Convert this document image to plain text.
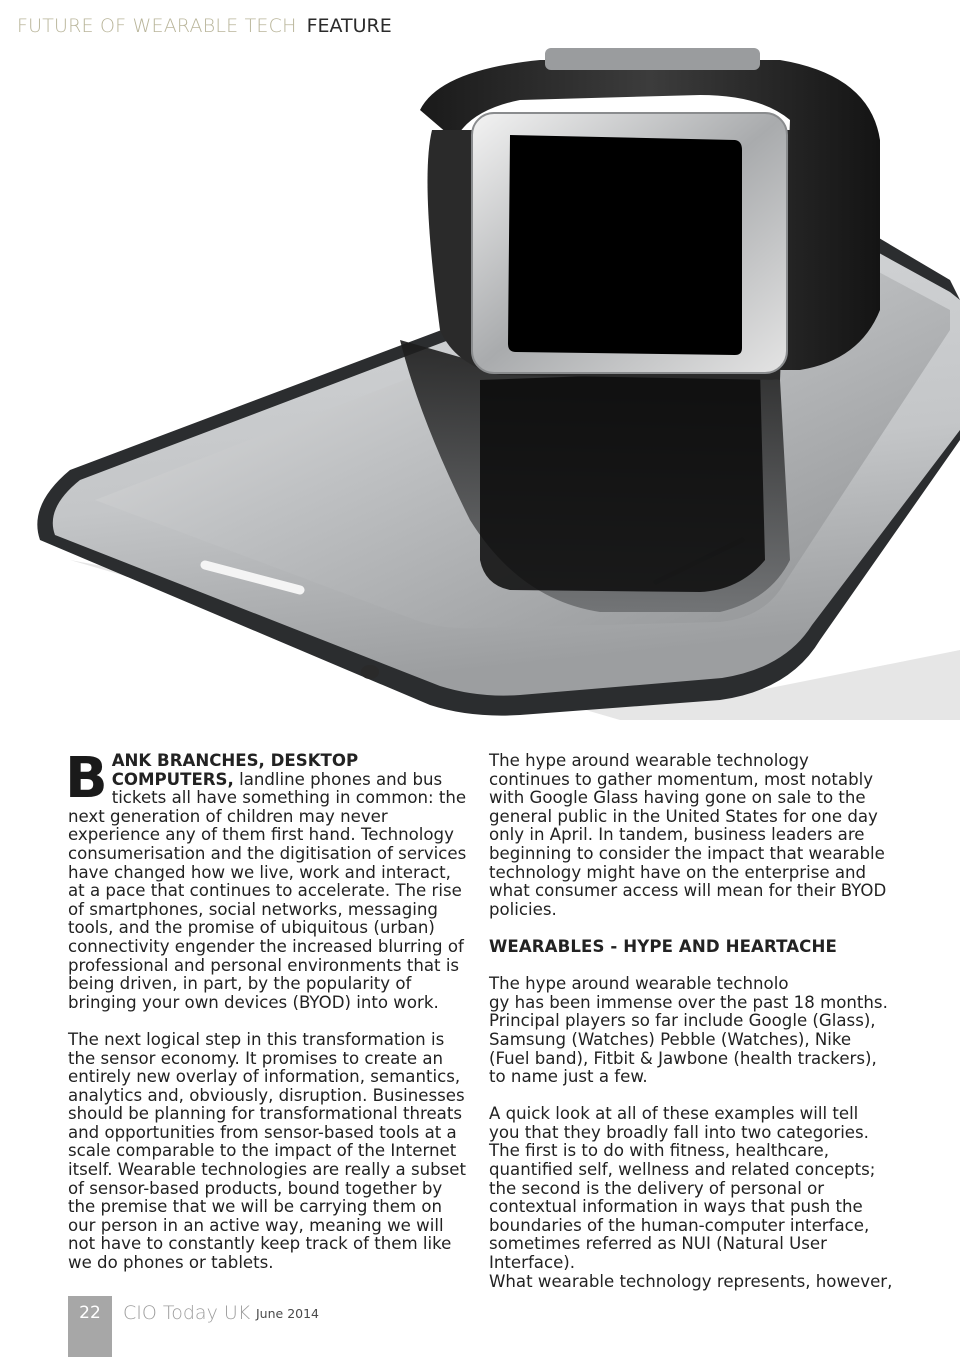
FUTURE OF WEARABLE TECH FEATURE

BANK BRANCHES, DESKTOP COMPUTERS, landline phones and bus tickets all have something in common: the next generation of children may never experience any of them first hand. Technology consumerisation and the digitisation of services have changed how we live, work and interact, at a pace that continues to accelerate. The rise of smartphones, social networks, messaging tools, and the promise of ubiquitous (urban) connectivity engender the increased blurring of professional and personal environments that is being driven, in part, by the popularity of bringing your own devices (BYOD) into work.

The next logical step in this transformation is the sensor economy. It promises to create an entirely new overlay of information, semantics, analytics and, obviously, disruption. Businesses should be planning for transformational threats and opportunities from sensor-based tools at a scale comparable to the impact of the Internet itself. Wearable technologies are really a subset of sensor-based products, bound together by the premise that we will be carrying them on our person in an active way, meaning we will not have to constantly keep track of them like we do phones or tablets.

The hype around wearable technology continues to gather momentum, most notably with Google Glass having gone on sale to the general public in the United States for one day only in April. In tandem, business leaders are beginning to consider the impact that wearable technology might have on the enterprise and what consumer access will mean for their BYOD policies.

WEARABLES - HYPE AND HEARTACHE

The hype around wearable technolo
gy has been immense over the past 18 months. Principal players so far include Google (Glass), Samsung (Watches) Pebble (Watches), Nike (Fuel band), Fitbit & Jawbone (health trackers), to name just a few.

A quick look at all of these examples will tell you that they broadly fall into two categories. The first is to do with fitness, healthcare, quantified self, wellness and related concepts; the second is the delivery of personal or contextual information in ways that push the boundaries of the human-computer interface, sometimes referred as NUI (Natural User Interface).

What wearable technology represents, however,

22	CIO Today UK June 2014
